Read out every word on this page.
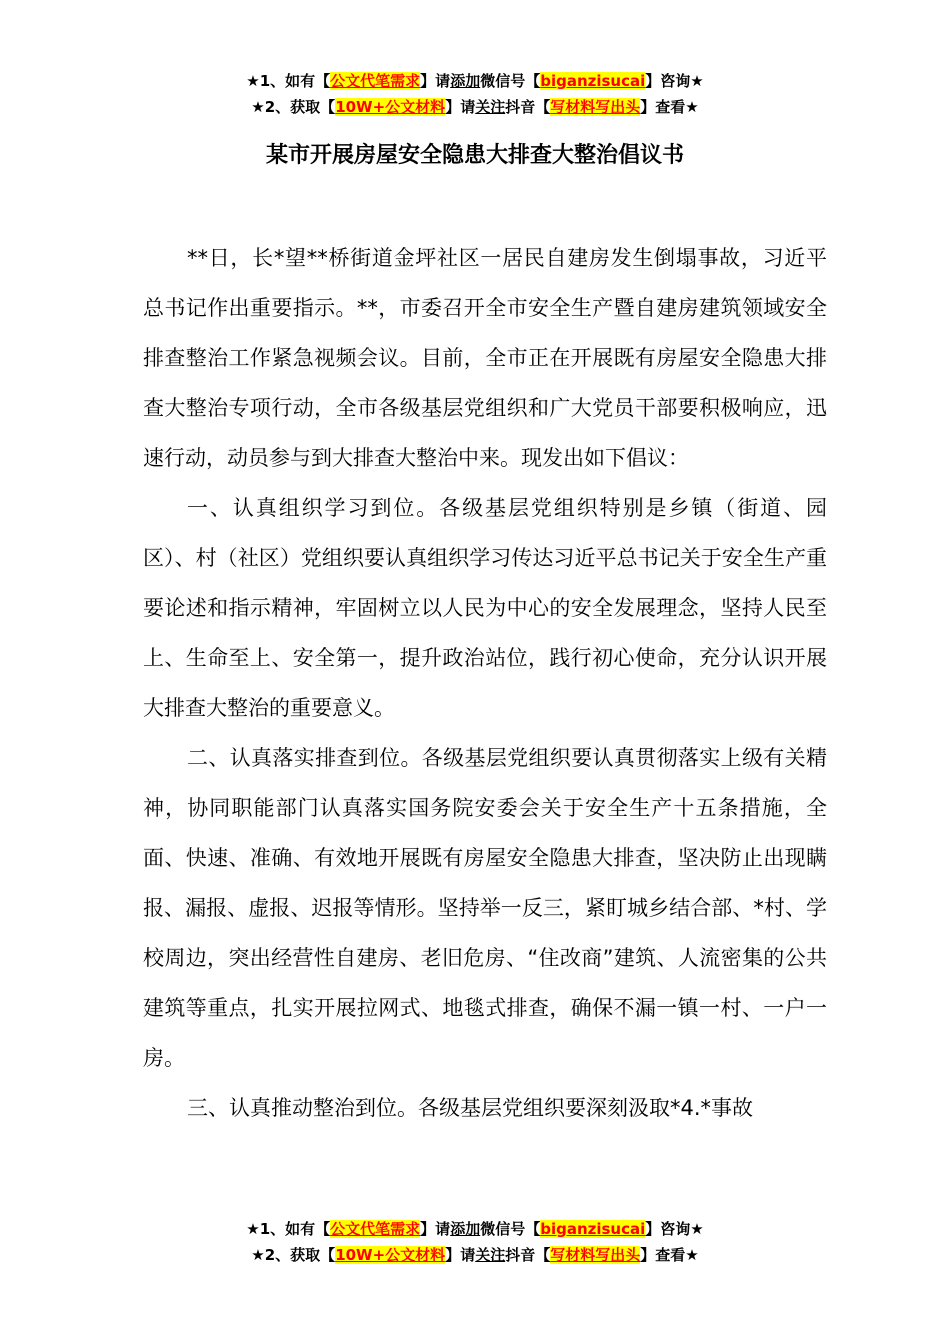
★1、如有【公文代笔需求】请添加微信号【biganzisucai】咨询★
★2、获取【10W+公文材料】请关注抖音【写材料写出头】查看★
某市开展房屋安全隐患大排查大整治倡议书

**日，长*望**桥街道金坪社区一居民自建房发生倒塌事故，习近平总书记作出重要指示。**，市委召开全市安全生产暨自建房建筑领域安全排查整治工作紧急视频会议。目前，全市正在开展既有房屋安全隐患大排查大整治专项行动，全市各级基层党组织和广大党员干部要积极响应，迅速行动，动员参与到大排查大整治中来。现发出如下倡议：

一、认真组织学习到位。各级基层党组织特别是乡镇（街道、园区）、村（社区）党组织要认真组织学习传达习近平总书记关于安全生产重要论述和指示精神，牢固树立以人民为中心的安全发展理念，坚持人民至上、生命至上、安全第一，提升政治站位，践行初心使命，充分认识开展大排查大整治的重要意义。

二、认真落实排查到位。各级基层党组织要认真贯彻落实上级有关精神，协同职能部门认真落实国务院安委会关于安全生产十五条措施，全面、快速、准确、有效地开展既有房屋安全隐患大排查，坚决防止出现瞒报、漏报、虚报、迟报等情形。坚持举一反三，紧盯城乡结合部、*村、学校周边，突出经营性自建房、老旧危房、“住改商”建筑、人流密集的公共建筑等重点，扎实开展拉网式、地毯式排查，确保不漏一镇一村、一户一房。

三、认真推动整治到位。各级基层党组织要深刻汲取*4.*事故

★1、如有【公文代笔需求】请添加微信号【biganzisucai】咨询★
★2、获取【10W+公文材料】请关注抖音【写材料写出头】查看★
